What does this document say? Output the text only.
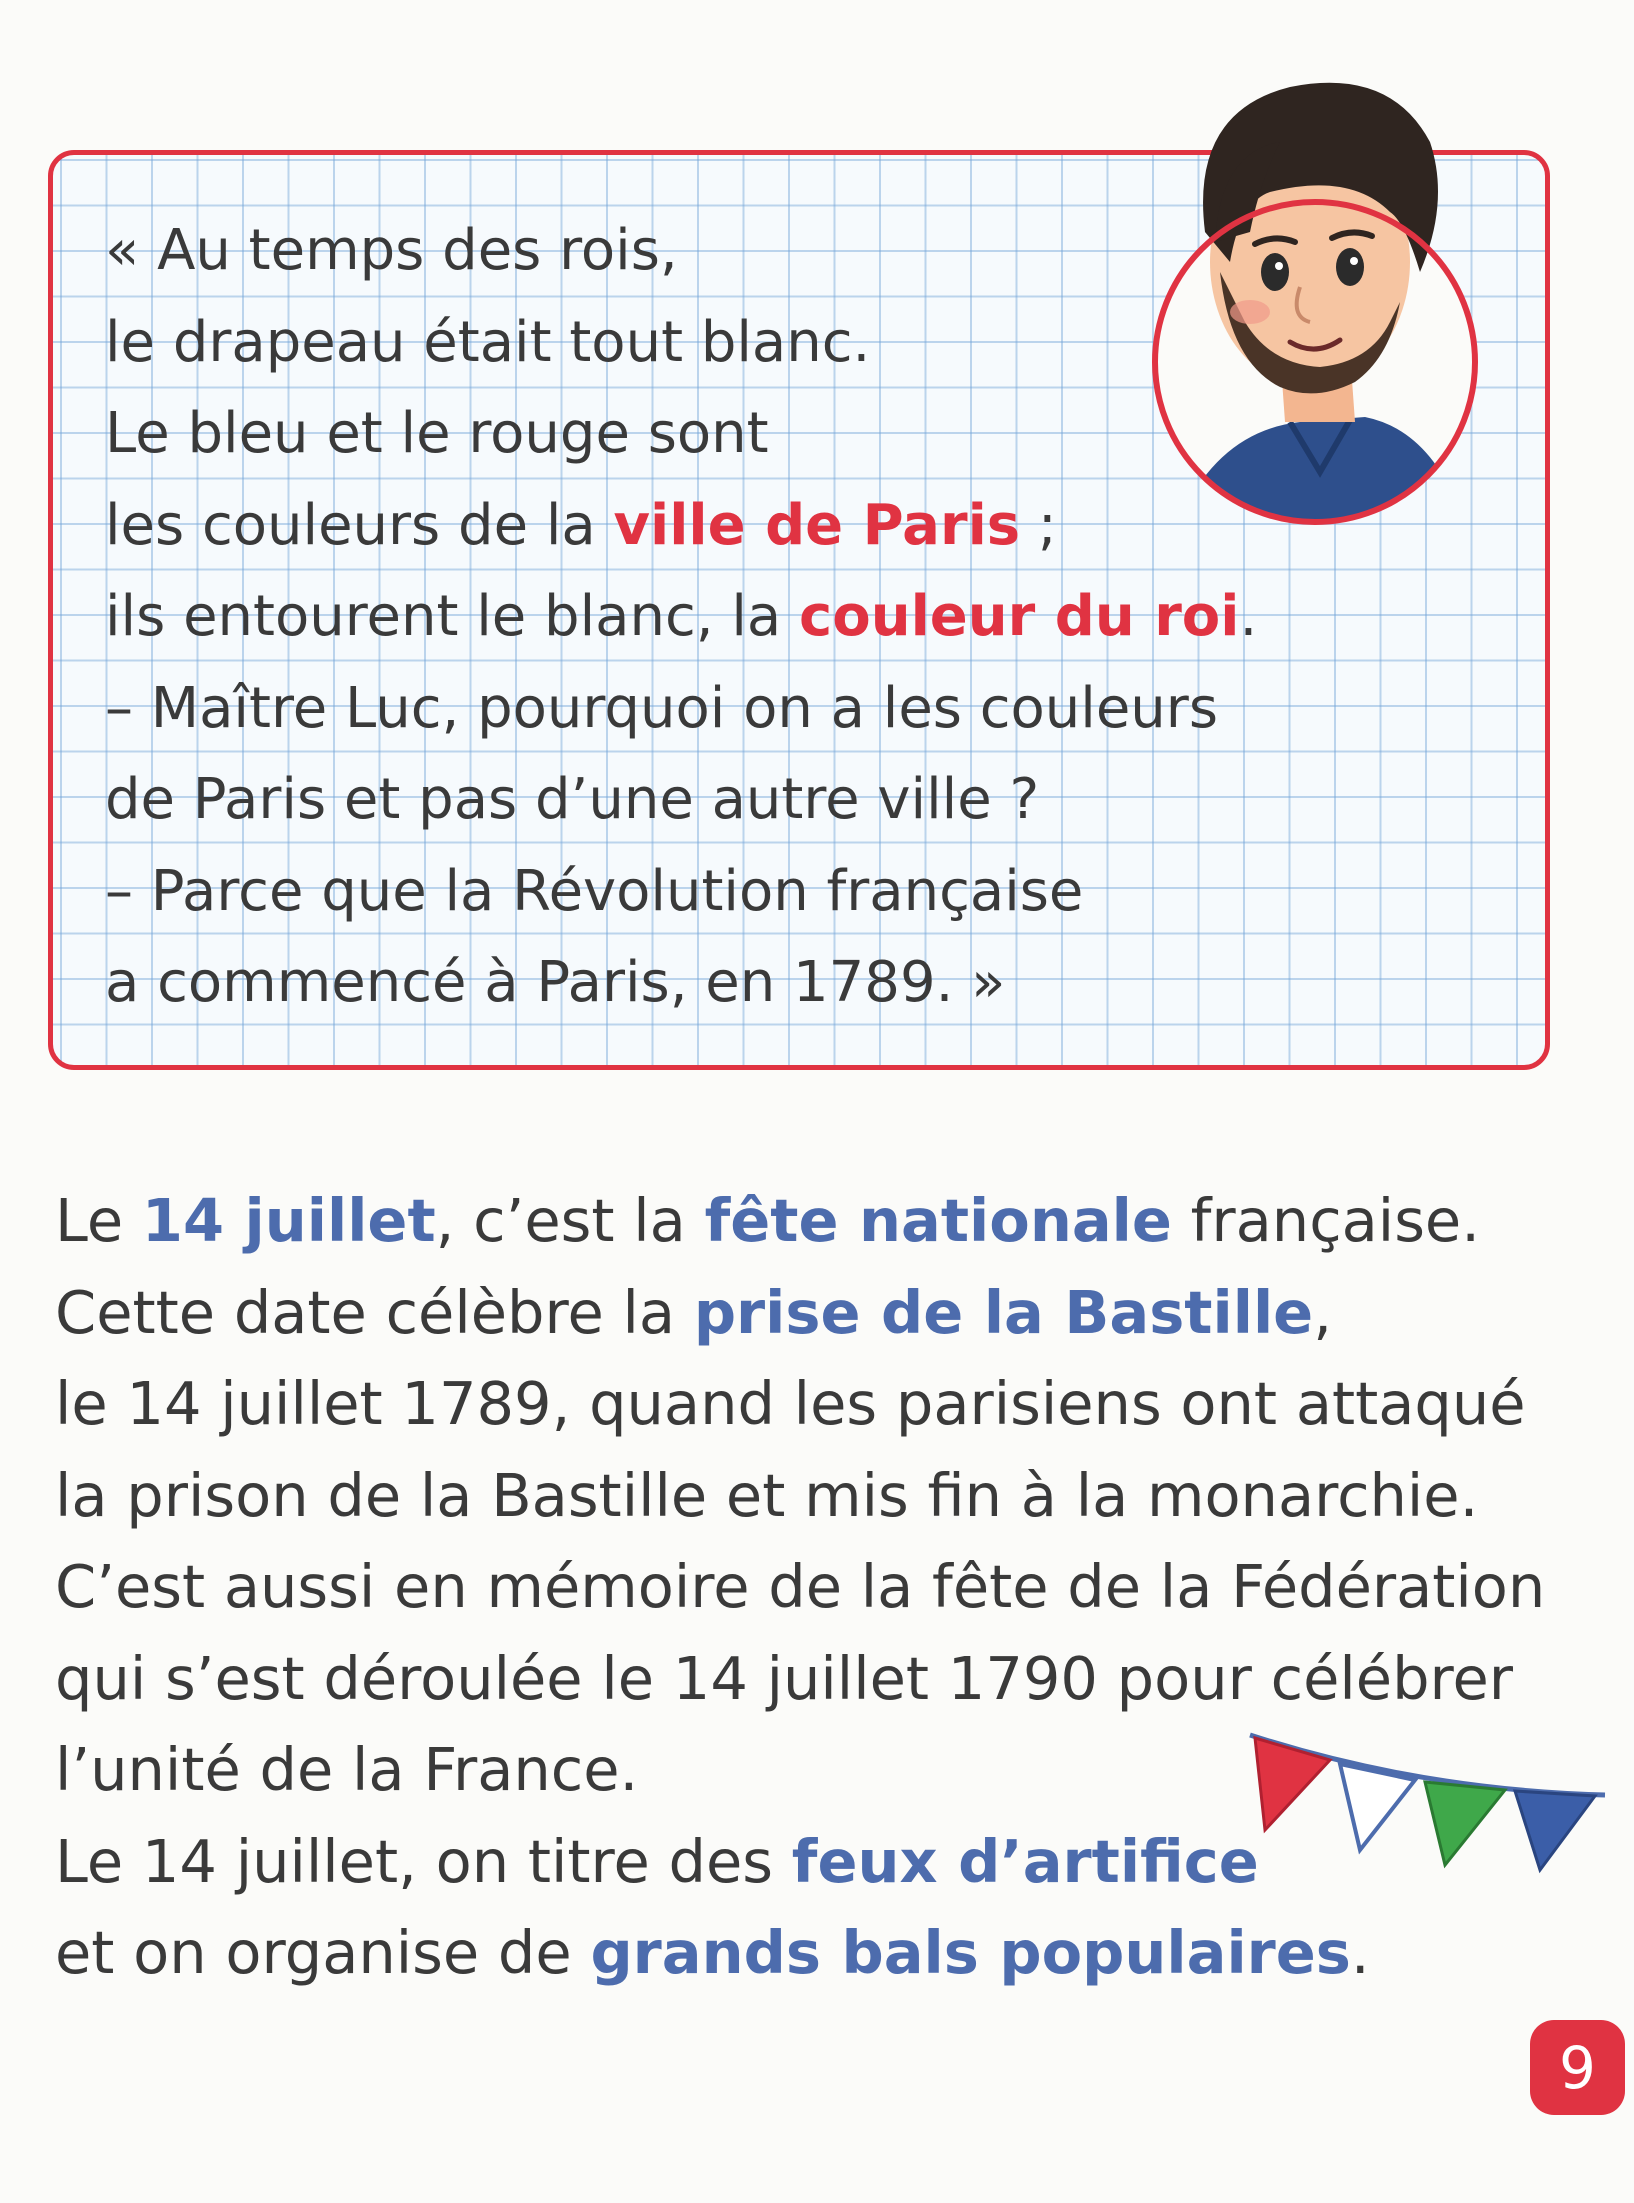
« Au temps des rois,
le drapeau était tout blanc.
Le bleu et le rouge sont
les couleurs de la ville de Paris ;
ils entourent le blanc, la couleur du roi.
– Maître Luc, pourquoi on a les couleurs
de Paris et pas d’une autre ville ?
– Parce que la Révolution française
a commencé à Paris, en 1789. »
Le 14 juillet, c’est la fête nationale française.
Cette date célèbre la prise de la Bastille,
le 14 juillet 1789, quand les parisiens ont attaqué
la prison de la Bastille et mis fin à la monarchie.
C’est aussi en mémoire de la fête de la Fédération
qui s’est déroulée le 14 juillet 1790 pour célébrer
l’unité de la France.
Le 14 juillet, on titre des feux d’artifice
et on organise de grands bals populaires.
9
